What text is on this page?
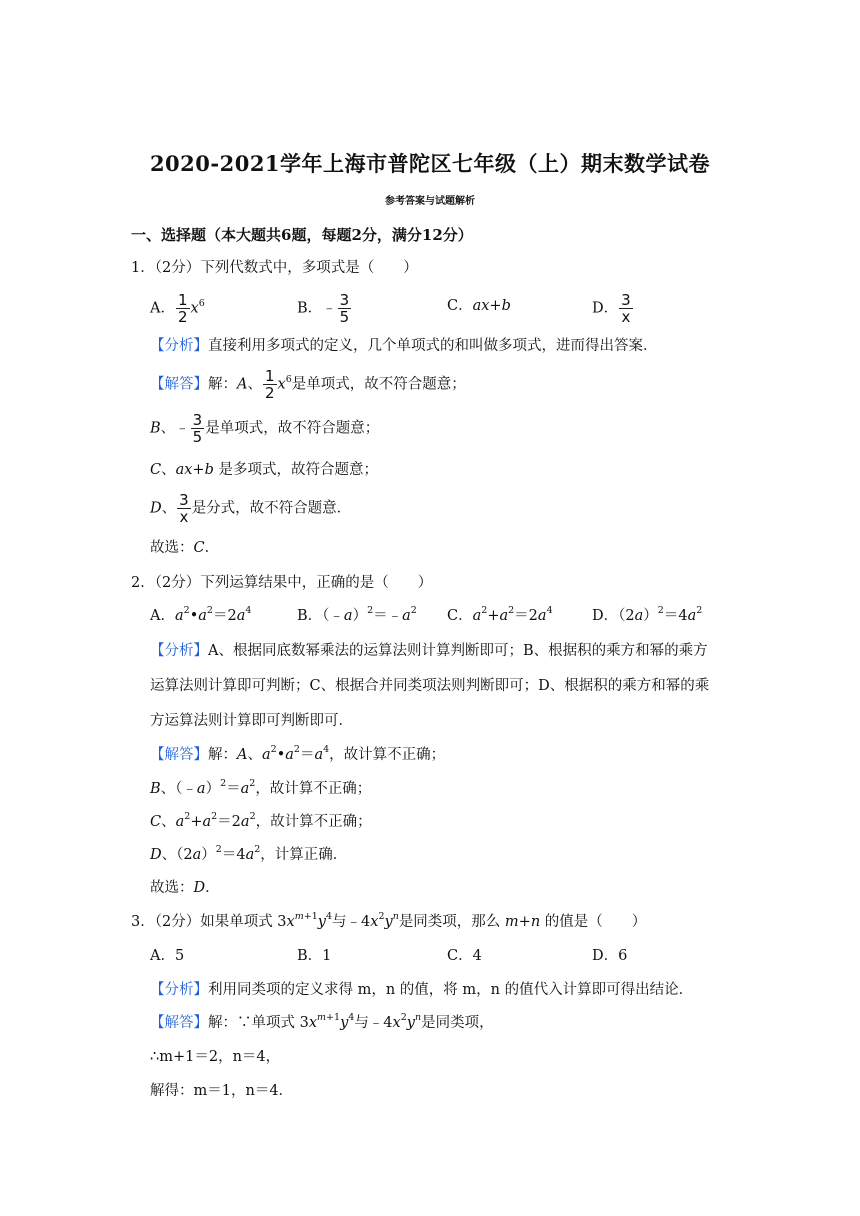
2020-2021学年上海市普陀区七年级（上）期末数学试卷
参考答案与试题解析
一、选择题（本大题共6题，每题2分，满分12分）
1．（2分）下列代数式中，多项式是（　　）
A． $\frac{1}{2} x^6$	B．﹣ $\frac{3}{5}$	C．ax+b	D． $\frac{3}{x}$
【分析】直接利用多项式的定义，几个单项式的和叫做多项式，进而得出答案．
【解答】解：A、 $\frac{1}{2} x^6$是单项式，故不符合题意；
B、﹣ $\frac{3}{5}$ 是单项式，故不符合题意；
C、ax+b 是多项式，故符合题意；
D、 $\frac{3}{x}$ 是分式，故不符合题意．
故选：C．
2．（2分）下列运算结果中，正确的是（　　）
A．$a^2•a^2=2a^4$	B．$(﹣a)^2=﹣a^2$ C．$a^2+a^2=2a^4$	D．$(2a)^2=4a^2$
【分析】A、根据同底数幂乘法的运算法则计算判断即可；B、根据积的乘方和幂的乘方
运算法则计算即可判断；C、根据合并同类项法则判断即可；D、根据积的乘方和幂的乘
方运算法则计算即可判断即可．
【解答】解：A、$a^2•a^2=a^4$，故计算不正确；
B、$(﹣a)^2=a^2$，故计算不正确；
C、$a^2+a^2=2a^2$，故计算不正确；
D、$(2a)^2=4a^2$，计算正确．
故选：D．
3．（2分）如果单项式 $3x^{m+1}y^4$与$﹣4x^2y^n$是同类项，那么 m+n 的值是（　　）
A．5	B．1	C．4	D．6
【分析】利用同类项的定义求得 m，n 的值，将 m，n 的值代入计算即可得出结论．
【解答】解：∵单项式 $3x^{m+1}y^4$与$﹣4x^2y^n$是同类项，
∴m+1＝2，n＝4，
解得：m＝1，n＝4．
